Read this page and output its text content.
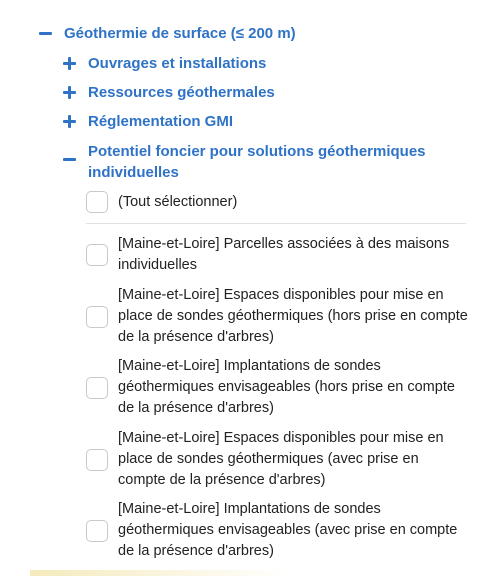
Géothermie de surface (≤ 200 m)
Ouvrages et installations
Ressources géothermales
Réglementation GMI
Potentiel foncier pour solutions géothermiques individuelles
(Tout sélectionner)
[Maine-et-Loire] Parcelles associées à des maisons individuelles
[Maine-et-Loire] Espaces disponibles pour mise en place de sondes géothermiques (hors prise en compte de la présence d'arbres)
[Maine-et-Loire] Implantations de sondes géothermiques envisageables (hors prise en compte de la présence d'arbres)
[Maine-et-Loire] Espaces disponibles pour mise en place de sondes géothermiques (avec prise en compte de la présence d'arbres)
[Maine-et-Loire] Implantations de sondes géothermiques envisageables (avec prise en compte de la présence d'arbres)
